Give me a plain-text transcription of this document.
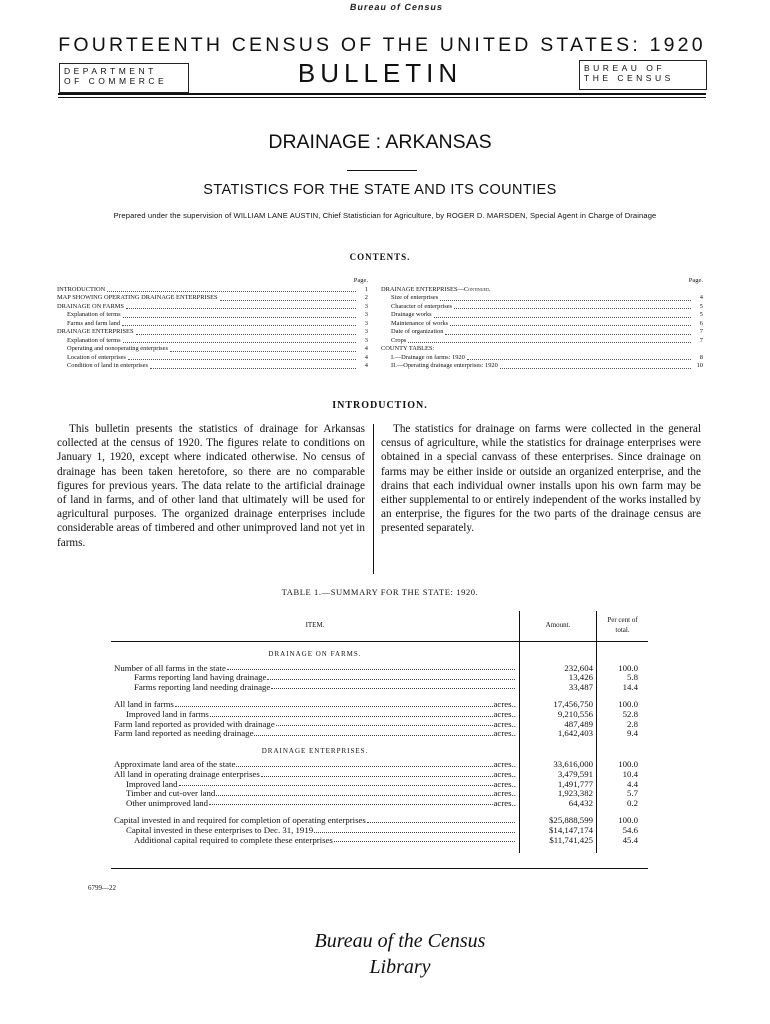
Bureau of Census
FOURTEENTH CENSUS OF THE UNITED STATES: 1920
DEPARTMENT
OF COMMERCE	BULLETIN	BUREAU OF
THE CENSUS
DRAINAGE : ARKANSAS
STATISTICS FOR THE STATE AND ITS COUNTIES
Prepared under the supervision of WILLIAM LANE AUSTIN, Chief Statistician for Agriculture, by ROGER D. MARSDEN, Special Agent in Charge of Drainage
CONTENTS.
Page.
INTRODUCTION	1
MAP SHOWING OPERATING DRAINAGE ENTERPRISES	2
DRAINAGE ON FARMS	3
Explanation of terms	3
Farms and farm land	3
DRAINAGE ENTERPRISES	3
Explanation of terms	3
Operating and nonoperating enterprises	4
Location of enterprises	4
Condition of land in enterprises	4
Page.
DRAINAGE ENTERPRISES—Continued.
Size of enterprises	4
Character of enterprises	5
Drainage works	5
Maintenance of works	6
Date of organization	7
Crops	7
COUNTY TABLES:
I.—Drainage on farms: 1920	8
II.—Operating drainage enterprises: 1920	10
INTRODUCTION.
This bulletin presents the statistics of drainage for Arkansas collected at the census of 1920. The figures relate to conditions on January 1, 1920, except where indicated otherwise. No census of drainage has been taken heretofore, so there are no comparable figures for previous years. The data relate to the artificial drainage of land in farms, and of other land that ultimately will be used for agricultural purposes. The organized drainage enterprises include considerable areas of timbered and other unimproved land not yet in farms.
The statistics for drainage on farms were collected in the general census of agriculture, while the statistics for drainage enterprises were obtained in a special canvass of these enterprises. Since drainage on farms may be either inside or outside an organized enterprise, and the drains that each individual owner installs upon his own farm may be either supplemental to or entirely independent of the works installed by an enterprise, the figures for the two parts of the drainage census are presented separately.
TABLE 1.—SUMMARY FOR THE STATE: 1920.
ITEM.	Amount.	Per cent of total.
DRAINAGE ON FARMS.		

Number of all farms in the state	232,604	100.0

Farms reporting land having drainage	13,426	5.8

Farms reporting land needing drainage	33,487	14.4

All land in farms acres..	17,456,750	100.0

Improved land in farms acres..	9,210,556	52.8

Farm land reported as provided with drainage acres..	487,489	2.8

Farm land reported as needing drainage acres..	1,642,403	9.4
DRAINAGE ENTERPRISES.		

Approximate land area of the state acres..	33,616,000	100.0

All land in operating drainage enterprises acres..	3,479,591	10.4

Improved land acres..	1,491,777	4.4

Timber and cut-over land acres..	1,923,382	5.7

Other unimproved land acres..	64,432	0.2

Capital invested in and required for completion of operating enterprises	$25,888,599	100.0

Capital invested in these enterprises to Dec. 31, 1919	$14,147,174	54.6

Additional capital required to complete these enterprises	$11,741,425	45.4

6799—22
Bureau of the Census
Library
